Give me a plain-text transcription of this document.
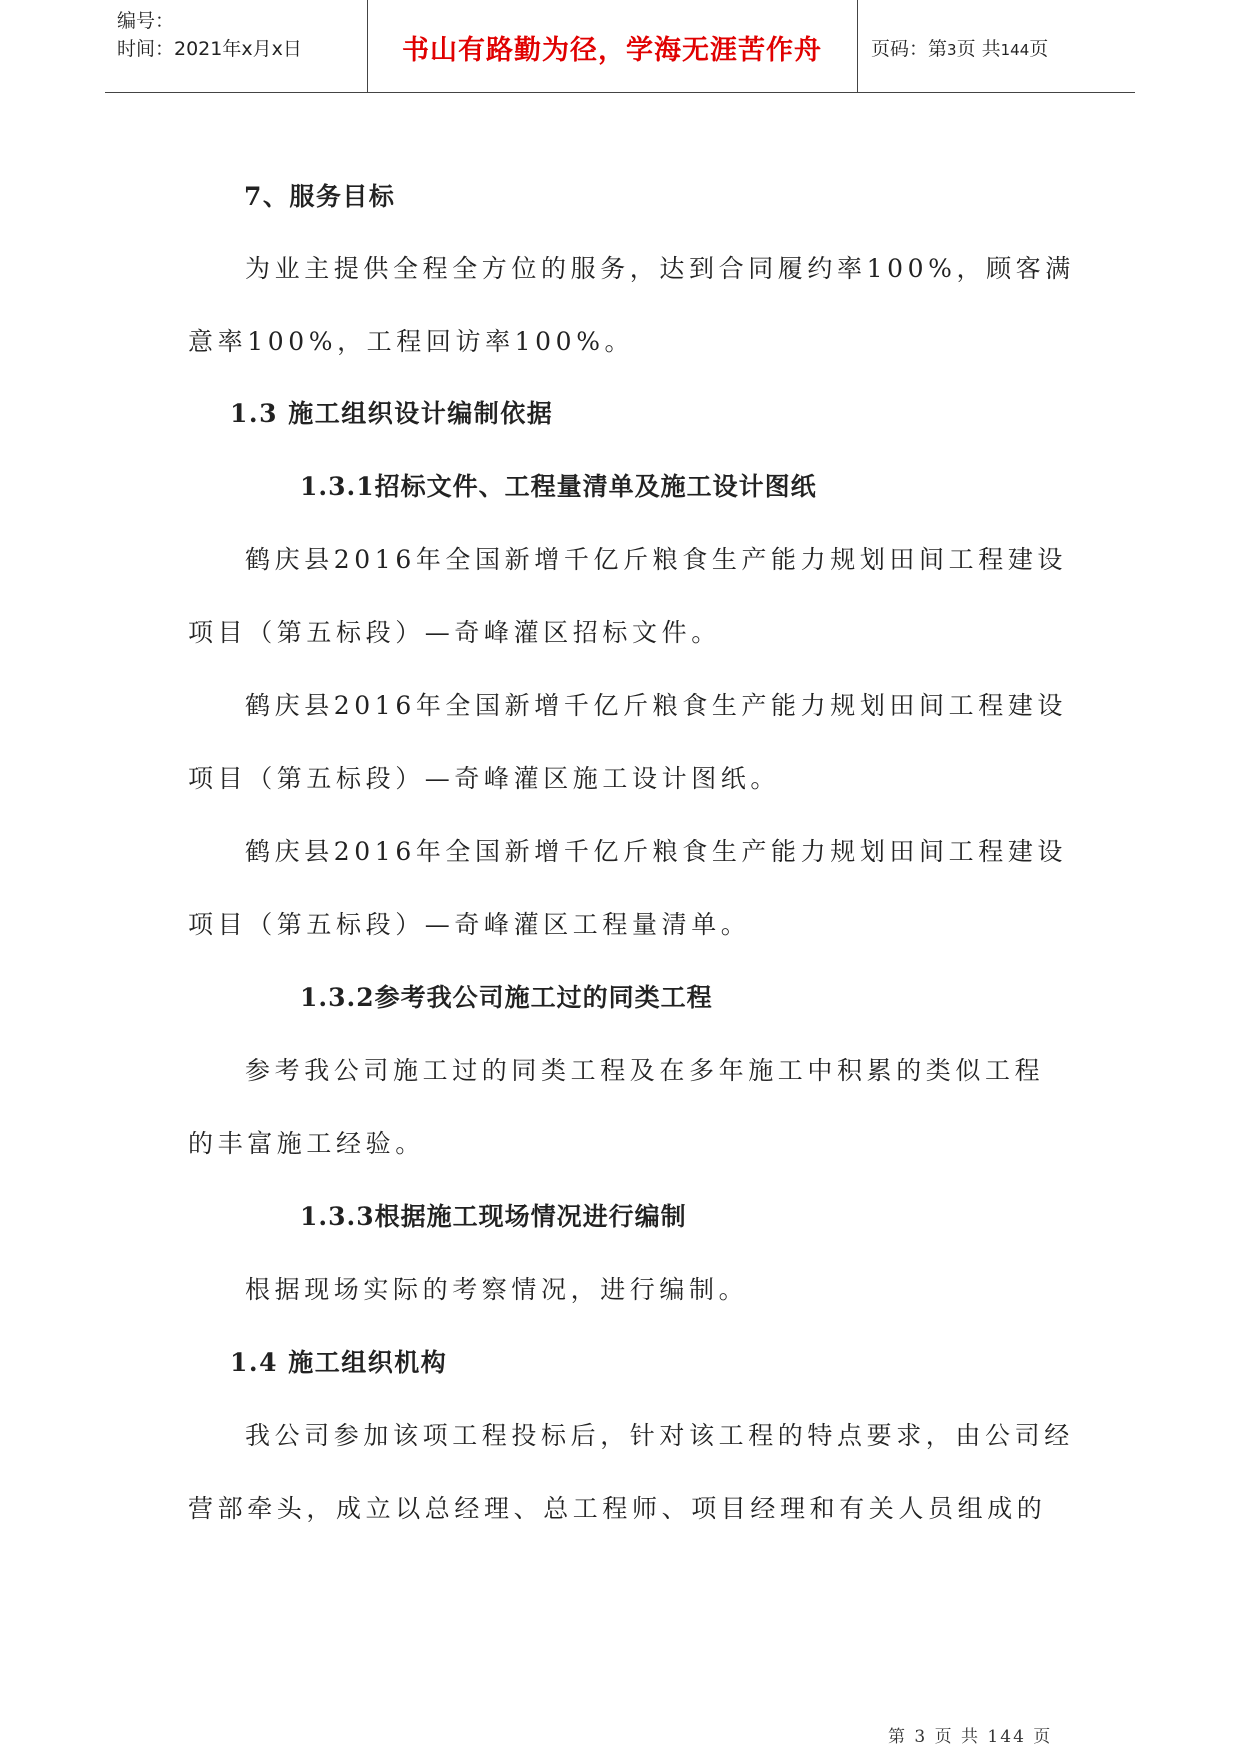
编号：
时间：2021年x月x日	书山有路勤为径，学海无涯苦作舟	页码：第3页 共144页
7、服务目标
为业主提供全程全方位的服务，达到合同履约率100%，顾客满
意率100%，工程回访率100%。
1.3 施工组织设计编制依据
1.3.1招标文件、工程量清单及施工设计图纸
鹤庆县2016年全国新增千亿斤粮食生产能力规划田间工程建设
项目（第五标段）—奇峰灌区招标文件。
鹤庆县2016年全国新增千亿斤粮食生产能力规划田间工程建设
项目（第五标段）—奇峰灌区施工设计图纸。
鹤庆县2016年全国新增千亿斤粮食生产能力规划田间工程建设
项目（第五标段）—奇峰灌区工程量清单。
1.3.2参考我公司施工过的同类工程
参考我公司施工过的同类工程及在多年施工中积累的类似工程
的丰富施工经验。
1.3.3根据施工现场情况进行编制
根据现场实际的考察情况，进行编制。
1.4 施工组织机构
我公司参加该项工程投标后，针对该工程的特点要求，由公司经
营部牵头，成立以总经理、总工程师、项目经理和有关人员组成的
第 3 页 共 144 页
